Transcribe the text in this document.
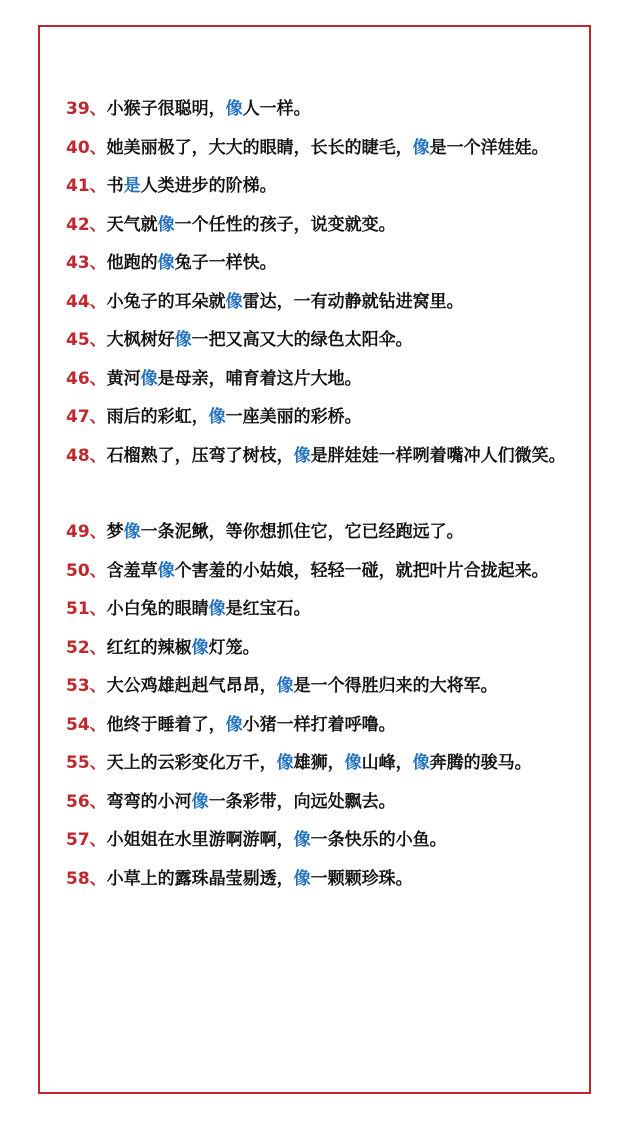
39、小猴子很聪明，像人一样。

40、她美丽极了，大大的眼睛，长长的睫毛，像是一个洋娃娃。

41、书是人类进步的阶梯。

42、天气就像一个任性的孩子，说变就变。

43、他跑的像兔子一样快。

44、小兔子的耳朵就像雷达，一有动静就钻进窝里。

45、大枫树好像一把又高又大的绿色太阳伞。

46、黄河像是母亲，哺育着这片大地。

47、雨后的彩虹，像一座美丽的彩桥。

48、石榴熟了，压弯了树枝，像是胖娃娃一样咧着嘴冲人们微笑。

49、梦像一条泥鳅，等你想抓住它，它已经跑远了。

50、含羞草像个害羞的小姑娘，轻轻一碰，就把叶片合拢起来。

51、小白兔的眼睛像是红宝石。

52、红红的辣椒像灯笼。

53、大公鸡雄赳赳气昂昂，像是一个得胜归来的大将军。

54、他终于睡着了，像小猪一样打着呼噜。

55、天上的云彩变化万千，像雄狮，像山峰，像奔腾的骏马。

56、弯弯的小河像一条彩带，向远处飘去。

57、小姐姐在水里游啊游啊，像一条快乐的小鱼。

58、小草上的露珠晶莹剔透，像一颗颗珍珠。
